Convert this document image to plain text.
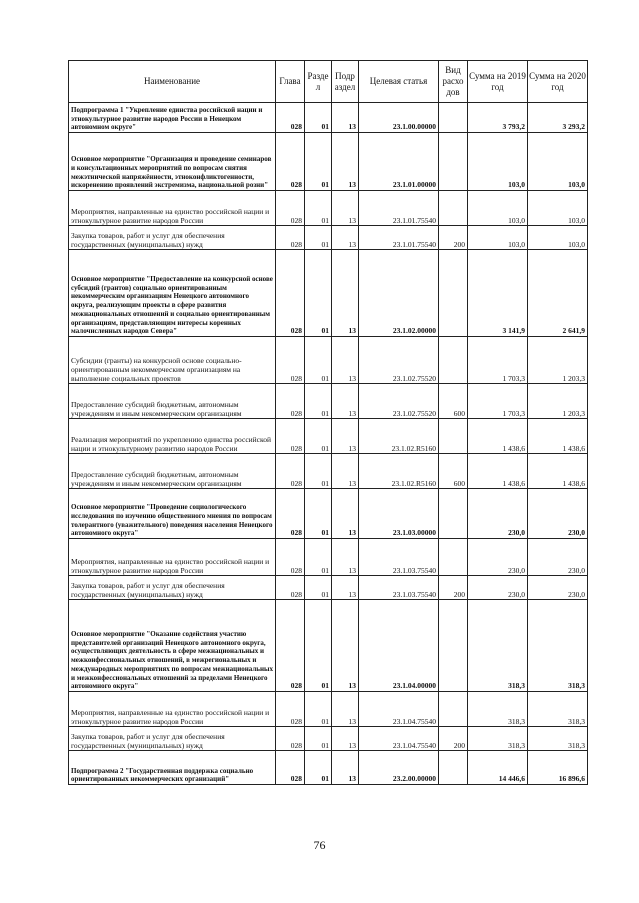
Наименование	Глава	Разде л	Подр аздел	Целевая статья	Вид расхо дов	Сумма на 2019 год	Сумма на 2020 год
Подпрограмма 1 "Укрепление единства российской нации и этнокультурное развитие народов России в Ненецком автономном округе"	028	01	13	23.1.00.00000		3 793,2	3 293,2
Основное мероприятие "Организация и проведение семинаров и консультационных мероприятий по вопросам снятия межэтнической напряжённости, этноконфликтогенности, искоренению проявлений экстремизма, национальной розни"	028	01	13	23.1.01.00000		103,0	103,0
Мероприятия, направленные на единство российской нации и этнокультурное развитие народов России	028	01	13	23.1.01.75540		103,0	103,0
Закупка товаров, работ и услуг для обеспечения государственных (муниципальных) нужд	028	01	13	23.1.01.75540	200	103,0	103,0
Основное мероприятие "Предоставление на конкурсной основе субсидий (грантов) социально ориентированным некоммерческим организациям Ненецкого автономного округа, реализующим проекты в сфере развития межнациональных отношений и социально ориентированным организациям, представляющим интересы коренных малочисленных народов Севера"	028	01	13	23.1.02.00000		3 141,9	2 641,9
Субсидии (гранты) на конкурсной основе социально-ориентированным некоммерческим организациям на выполнение социальных проектов	028	01	13	23.1.02.75520		1 703,3	1 203,3
Предоставление субсидий бюджетным, автономным учреждениям и иным некоммерческим организациям	028	01	13	23.1.02.75520	600	1 703,3	1 203,3
Реализация мероприятий по укреплению единства российской нации и этнокультурному развитию народов России	028	01	13	23.1.02.R5160		1 438,6	1 438,6
Предоставление субсидий бюджетным, автономным учреждениям и иным некоммерческим организациям	028	01	13	23.1.02.R5160	600	1 438,6	1 438,6
Основное мероприятие "Проведение социологического исследования по изучению общественного мнения по вопросам толерантного (уважительного) поведения населения Ненецкого автономного округа"	028	01	13	23.1.03.00000		230,0	230,0
Мероприятия, направленные на единство российской нации и этнокультурное развитие народов России	028	01	13	23.1.03.75540		230,0	230,0
Закупка товаров, работ и услуг для обеспечения государственных (муниципальных) нужд	028	01	13	23.1.03.75540	200	230,0	230,0
Основное мероприятие "Оказание содействия участию представителей организаций Ненецкого автономного округа, осуществляющих деятельность в сфере межнациональных и межконфессиональных отношений, в межрегиональных и международных мероприятиях по вопросам межнациональных и межконфессиональных отношений за пределами Ненецкого автономного округа"	028	01	13	23.1.04.00000		318,3	318,3
Мероприятия, направленные на единство российской нации и этнокультурное развитие народов России	028	01	13	23.1.04.75540		318,3	318,3
Закупка товаров, работ и услуг для обеспечения государственных (муниципальных) нужд	028	01	13	23.1.04.75540	200	318,3	318,3
Подпрограмма 2 "Государственная поддержка социально ориентированных некоммерческих организаций"	028	01	13	23.2.00.00000		14 446,6	16 896,6
76
